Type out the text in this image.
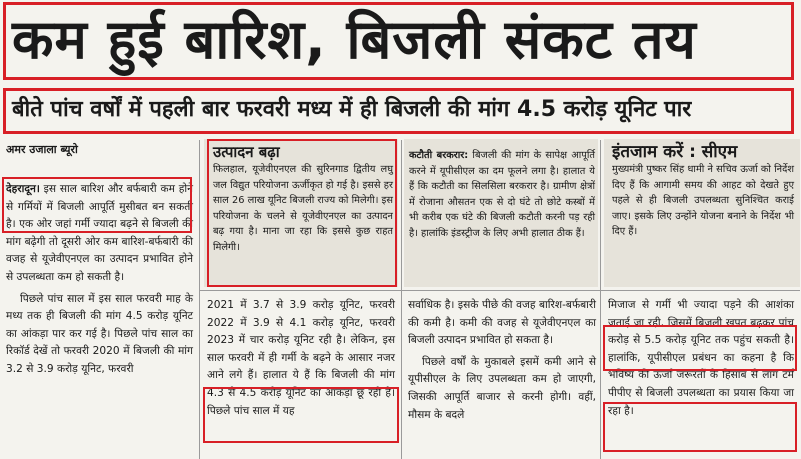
कम हुई बारिश, बिजली संकट तय
बीते पांच वर्षों में पहली बार फरवरी मध्य में ही बिजली की मांग 4.5 करोड़ यूनिट पार
अमर उजाला ब्यूरो

देहरादून। इस साल बारिश और बर्फबारी कम होने से गर्मियों में बिजली आपूर्ति मुसीबत बन सकती है। एक ओर जहां गर्मी ज्यादा बढ़ने से बिजली की मांग बढ़ेगी तो दूसरी ओर कम बारिश-बर्फबारी की वजह से यूजेवीएनएल का उत्पादन प्रभावित होने से उपलब्धता कम हो सकती है।

पिछले पांच साल में इस साल फरवरी माह के मध्य तक ही बिजली की मांग 4.5 करोड़ यूनिट का आंकड़ा पार कर गई है। पिछले पांच साल का रिकॉर्ड देखें तो फरवरी 2020 में बिजली की मांग 3.2 से 3.9 करोड़ यूनिट, फरवरी

उत्पादन बढ़ा
फिलहाल, यूजेवीएनएल की सुरिनगाड द्वितीय लघु जल विद्युत परियोजना ऊर्जीकृत हो गई है। इससे हर साल 26 लाख यूनिट बिजली राज्य को मिलेगी। इस परियोजना के चलने से यूजेवीएनएल का उत्पादन बढ़ गया है। माना जा रहा कि इससे कुछ राहत मिलेगी।

2021 में 3.7 से 3.9 करोड़ यूनिट, फरवरी 2022 में 3.9 से 4.1 करोड़ यूनिट, फरवरी 2023 में चार करोड़ यूनिट रही है। लेकिन, इस साल फरवरी में ही गर्मी के बढ़ने के आसार नजर आने लगे हैं। हालात ये हैं कि बिजली की मांग 4.3 से 4.5 करोड़ यूनिट का आंकड़ा छू रही है। पिछले पांच साल में यह

कटौती बरकरार: बिजली की मांग के सापेक्ष आपूर्ति करने में यूपीसीएल का दम फूलने लगा है। हालात ये हैं कि कटौती का सिलसिला बरकरार है। ग्रामीण क्षेत्रों में रोजाना औसतन एक से दो घंटे तो छोटे कस्बों में भी करीब एक घंटे की बिजली कटौती करनी पड़ रही है। हालांकि इंडस्ट्रीज के लिए अभी हालात ठीक हैं।

सर्वाधिक है। इसके पीछे की वजह बारिश-बर्फबारी की कमी है। कमी की वजह से यूजेवीएनएल का बिजली उत्पादन प्रभावित हो सकता है।

पिछले वर्षों के मुकाबले इसमें कमी आने से यूपीसीएल के लिए उपलब्धता कम हो जाएगी, जिसकी आपूर्ति बाजार से करनी होगी। वहीं, मौसम के बदले

इंतजाम करें : सीएम
मुख्यमंत्री पुष्कर सिंह धामी ने सचिव ऊर्जा को निर्देश दिए हैं कि आगामी समय की आहट को देखते हुए पहले से ही बिजली उपलब्धता सुनिश्चित कराई जाए। इसके लिए उन्होंने योजना बनाने के निर्देश भी दिए हैं।

मिजाज से गर्मी भी ज्यादा पड़ने की आशंका जताई जा रही, जिसमें बिजली खपत बढ़कर पांच करोड़ से 5.5 करोड़ यूनिट तक पहुंच सकती है। हालांकि, यूपीसीएल प्रबंधन का कहना है कि भविष्य की ऊर्जा जरूरतों के हिसाब से लांग टर्म पीपीए से बिजली उपलब्धता का प्रयास किया जा रहा है।
